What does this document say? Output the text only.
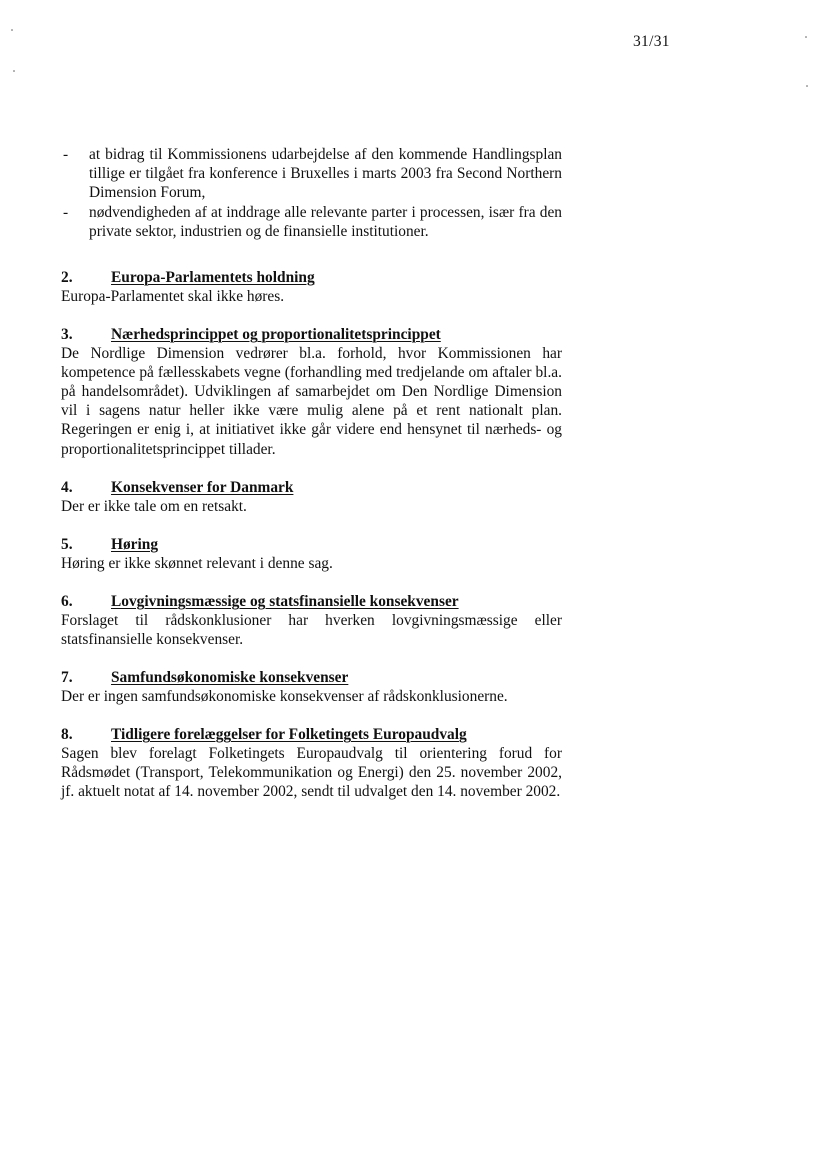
31/31
- at bidrag til Kommissionens udarbejdelse af den kommende Handlingsplan tillige er tilgået fra konference i Bruxelles i marts 2003 fra Second Northern Dimension Forum,
- nødvendigheden af at inddrage alle relevante parter i processen, især fra den private sektor, industrien og de finansielle institutioner.
2. Europa-Parlamentets holdning

Europa-Parlamentet skal ikke høres.

3. Nærhedsprincippet og proportionalitetsprincippet

De Nordlige Dimension vedrører bl.a. forhold, hvor Kommissionen har kompetence på fællesskabets vegne (forhandling med tredjelande om aftaler bl.a. på handelsområdet). Udviklingen af samarbejdet om Den Nordlige Dimension vil i sagens natur heller ikke være mulig alene på et rent nationalt plan. Regeringen er enig i, at initiativet ikke går videre end hensynet til nærheds- og proportionalitetsprincippet tillader.

4. Konsekvenser for Danmark

Der er ikke tale om en retsakt.

5. Høring

Høring er ikke skønnet relevant i denne sag.

6. Lovgivningsmæssige og statsfinansielle konsekvenser

Forslaget til rådskonklusioner har hverken lovgivningsmæssige eller statsfinansielle konsekvenser.

7. Samfundsøkonomiske konsekvenser

Der er ingen samfundsøkonomiske konsekvenser af rådskonklusionerne.

8. Tidligere forelæggelser for Folketingets Europaudvalg

Sagen blev forelagt Folketingets Europaudvalg til orientering forud for Rådsmødet (Transport, Telekommunikation og Energi) den 25. november 2002, jf. aktuelt notat af 14. november 2002, sendt til udvalget den 14. november 2002.
